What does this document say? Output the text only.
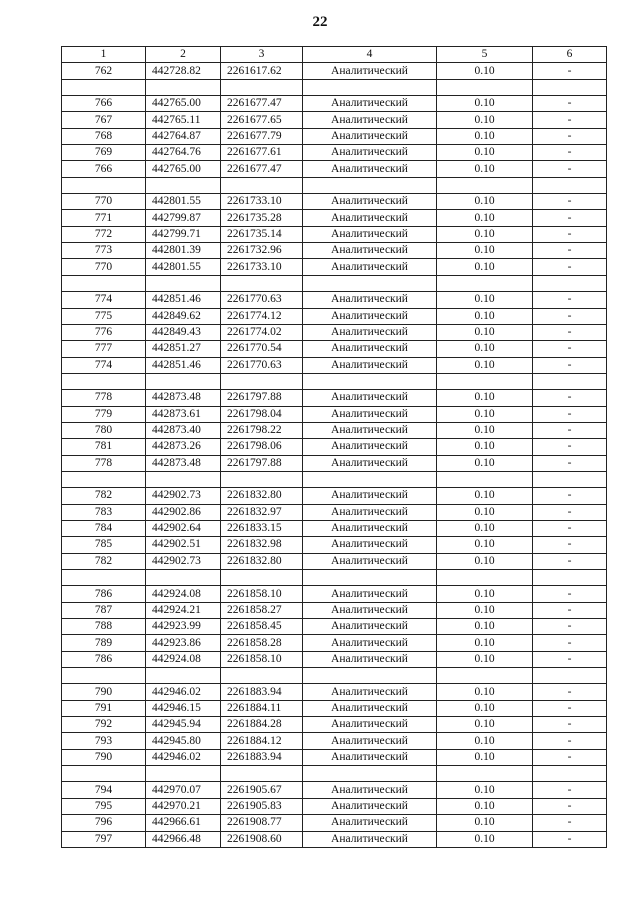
22
1	2	3	4	5	6
762	442728.82	2261617.62	Аналитический	0.10	-

766	442765.00	2261677.47	Аналитический	0.10	-
767	442765.11	2261677.65	Аналитический	0.10	-
768	442764.87	2261677.79	Аналитический	0.10	-
769	442764.76	2261677.61	Аналитический	0.10	-
766	442765.00	2261677.47	Аналитический	0.10	-

770	442801.55	2261733.10	Аналитический	0.10	-
771	442799.87	2261735.28	Аналитический	0.10	-
772	442799.71	2261735.14	Аналитический	0.10	-
773	442801.39	2261732.96	Аналитический	0.10	-
770	442801.55	2261733.10	Аналитический	0.10	-

774	442851.46	2261770.63	Аналитический	0.10	-
775	442849.62	2261774.12	Аналитический	0.10	-
776	442849.43	2261774.02	Аналитический	0.10	-
777	442851.27	2261770.54	Аналитический	0.10	-
774	442851.46	2261770.63	Аналитический	0.10	-

778	442873.48	2261797.88	Аналитический	0.10	-
779	442873.61	2261798.04	Аналитический	0.10	-
780	442873.40	2261798.22	Аналитический	0.10	-
781	442873.26	2261798.06	Аналитический	0.10	-
778	442873.48	2261797.88	Аналитический	0.10	-

782	442902.73	2261832.80	Аналитический	0.10	-
783	442902.86	2261832.97	Аналитический	0.10	-
784	442902.64	2261833.15	Аналитический	0.10	-
785	442902.51	2261832.98	Аналитический	0.10	-
782	442902.73	2261832.80	Аналитический	0.10	-

786	442924.08	2261858.10	Аналитический	0.10	-
787	442924.21	2261858.27	Аналитический	0.10	-
788	442923.99	2261858.45	Аналитический	0.10	-
789	442923.86	2261858.28	Аналитический	0.10	-
786	442924.08	2261858.10	Аналитический	0.10	-

790	442946.02	2261883.94	Аналитический	0.10	-
791	442946.15	2261884.11	Аналитический	0.10	-
792	442945.94	2261884.28	Аналитический	0.10	-
793	442945.80	2261884.12	Аналитический	0.10	-
790	442946.02	2261883.94	Аналитический	0.10	-

794	442970.07	2261905.67	Аналитический	0.10	-
795	442970.21	2261905.83	Аналитический	0.10	-
796	442966.61	2261908.77	Аналитический	0.10	-
797	442966.48	2261908.60	Аналитический	0.10	-
